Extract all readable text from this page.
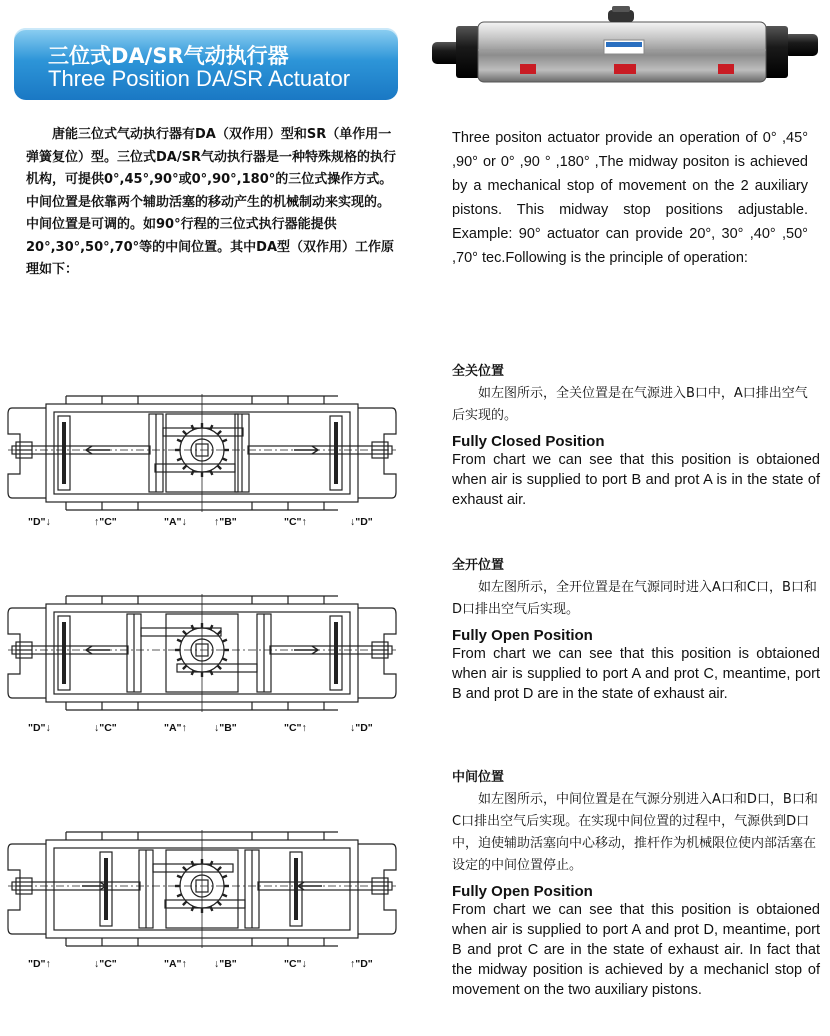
三位式DA/SR气动执行器
Three Position DA/SR Actuator
唐能三位式气动执行器有DA（双作用）型和SR（单作用一弹簧复位）型。三位式DA/SR气动执行器是一种特殊规格的执行机构，可提供0°,45°,90°或0°,90°,180°的三位式操作方式。中间位置是依靠两个辅助活塞的移动产生的机械制动来实现的。中间位置是可调的。如90°行程的三位式执行器能提供20°,30°,50°,70°等的中间位置。其中DA型（双作用）工作原理如下：
Three positon actuator provide an operation of 0° ,45° ,90° or 0° ,90 ° ,180° ,The midway positon is achieved by a mechanical stop of movement on the 2 auxiliary pistons. This midway stop positions adjustable. Example: 90° actuator can provide 20°, 30° ,40° ,50° ,70° tec.Following is the principle of operation:
"D"↓	↑"C"	"A"↓	↑"B"	"C"↑	↓"D"
"D"↓	↓"C"	"A"↑	↓"B"	"C"↑	↓"D"
"D"↑	↓"C"	"A"↑	↓"B"	"C"↓	↑"D"
全关位置
如左图所示，全关位置是在气源进入B口中，A口排出空气后实现的。
Fully Closed Position
From chart we can see that this position is obtaioned when air is supplied to port B and prot A is in the state of exhaust air.
全开位置
如左图所示，全开位置是在气源同时进入A口和C口，B口和D口排出空气后实现。
Fully Open Position
From chart we can see that this position is obtaioned when air is supplied to port A and prot C, meantime, port B and prot D are in the state of exhaust air.
中间位置
如左图所示，中间位置是在气源分别进入A口和D口，B口和C口排出空气后实现。在实现中间位置的过程中，气源供到D口中，迫使辅助活塞向中心移动，推杆作为机械限位使内部活塞在设定的中间位置停止。
Fully Open Position
From chart we can see that this position is obtaioned when air is supplied to port A and prot D, meantime, port B and prot C are in the state of exhaust air. In fact that the midway position is achieved by a mechanicl stop of movement on the two auxiliary pistons.
